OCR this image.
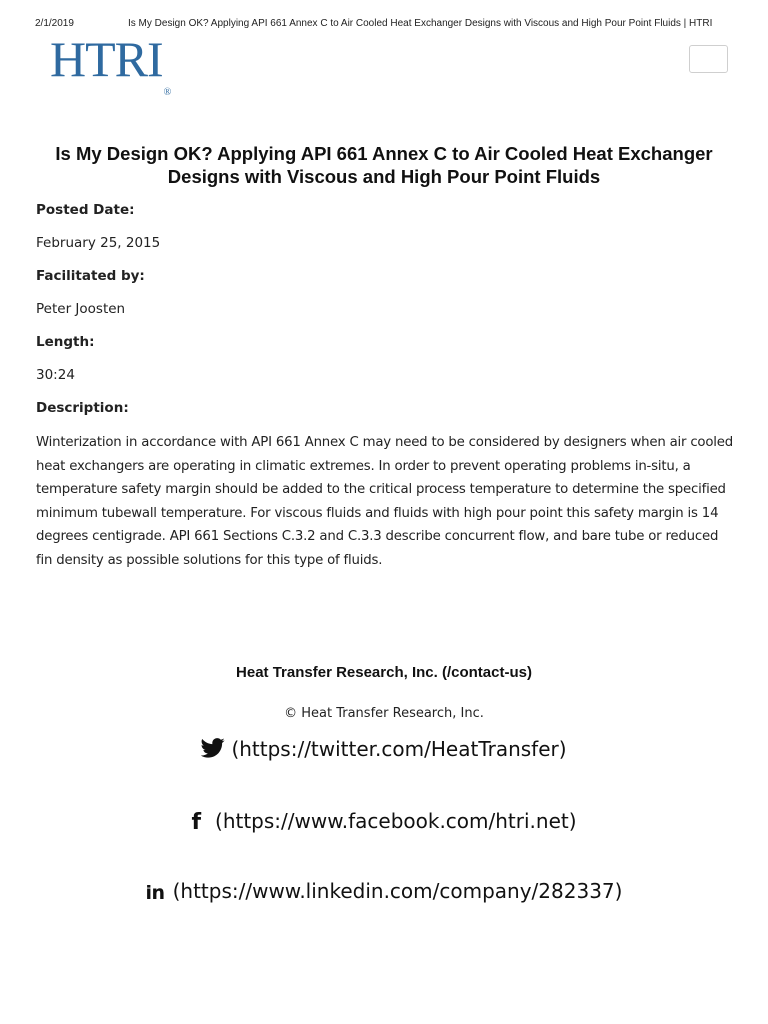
2/1/2019	Is My Design OK? Applying API 661 Annex C to Air Cooled Heat Exchanger Designs with Viscous and High Pour Point Fluids | HTRI
HTRI®
Is My Design OK? Applying API 661 Annex C to Air Cooled Heat Exchanger Designs with Viscous and High Pour Point Fluids
Posted Date:
February 25, 2015
Facilitated by:
Peter Joosten
Length:
30:24
Description:
Winterization in accordance with API 661 Annex C may need to be considered by designers when air cooled heat exchangers are operating in climatic extremes. In order to prevent operating problems in-situ, a temperature safety margin should be added to the critical process temperature to determine the specified minimum tubewall temperature. For viscous fluids and fluids with high pour point this safety margin is 14 degrees centigrade. API 661 Sections C.3.2 and C.3.3 describe concurrent flow, and bare tube or reduced fin density as possible solutions for this type of fluids.
Heat Transfer Research, Inc. (/contact-us)
© Heat Transfer Research, Inc.
(https://twitter.com/HeatTransfer)
f (https://www.facebook.com/htri.net)
in (https://www.linkedin.com/company/282337)
